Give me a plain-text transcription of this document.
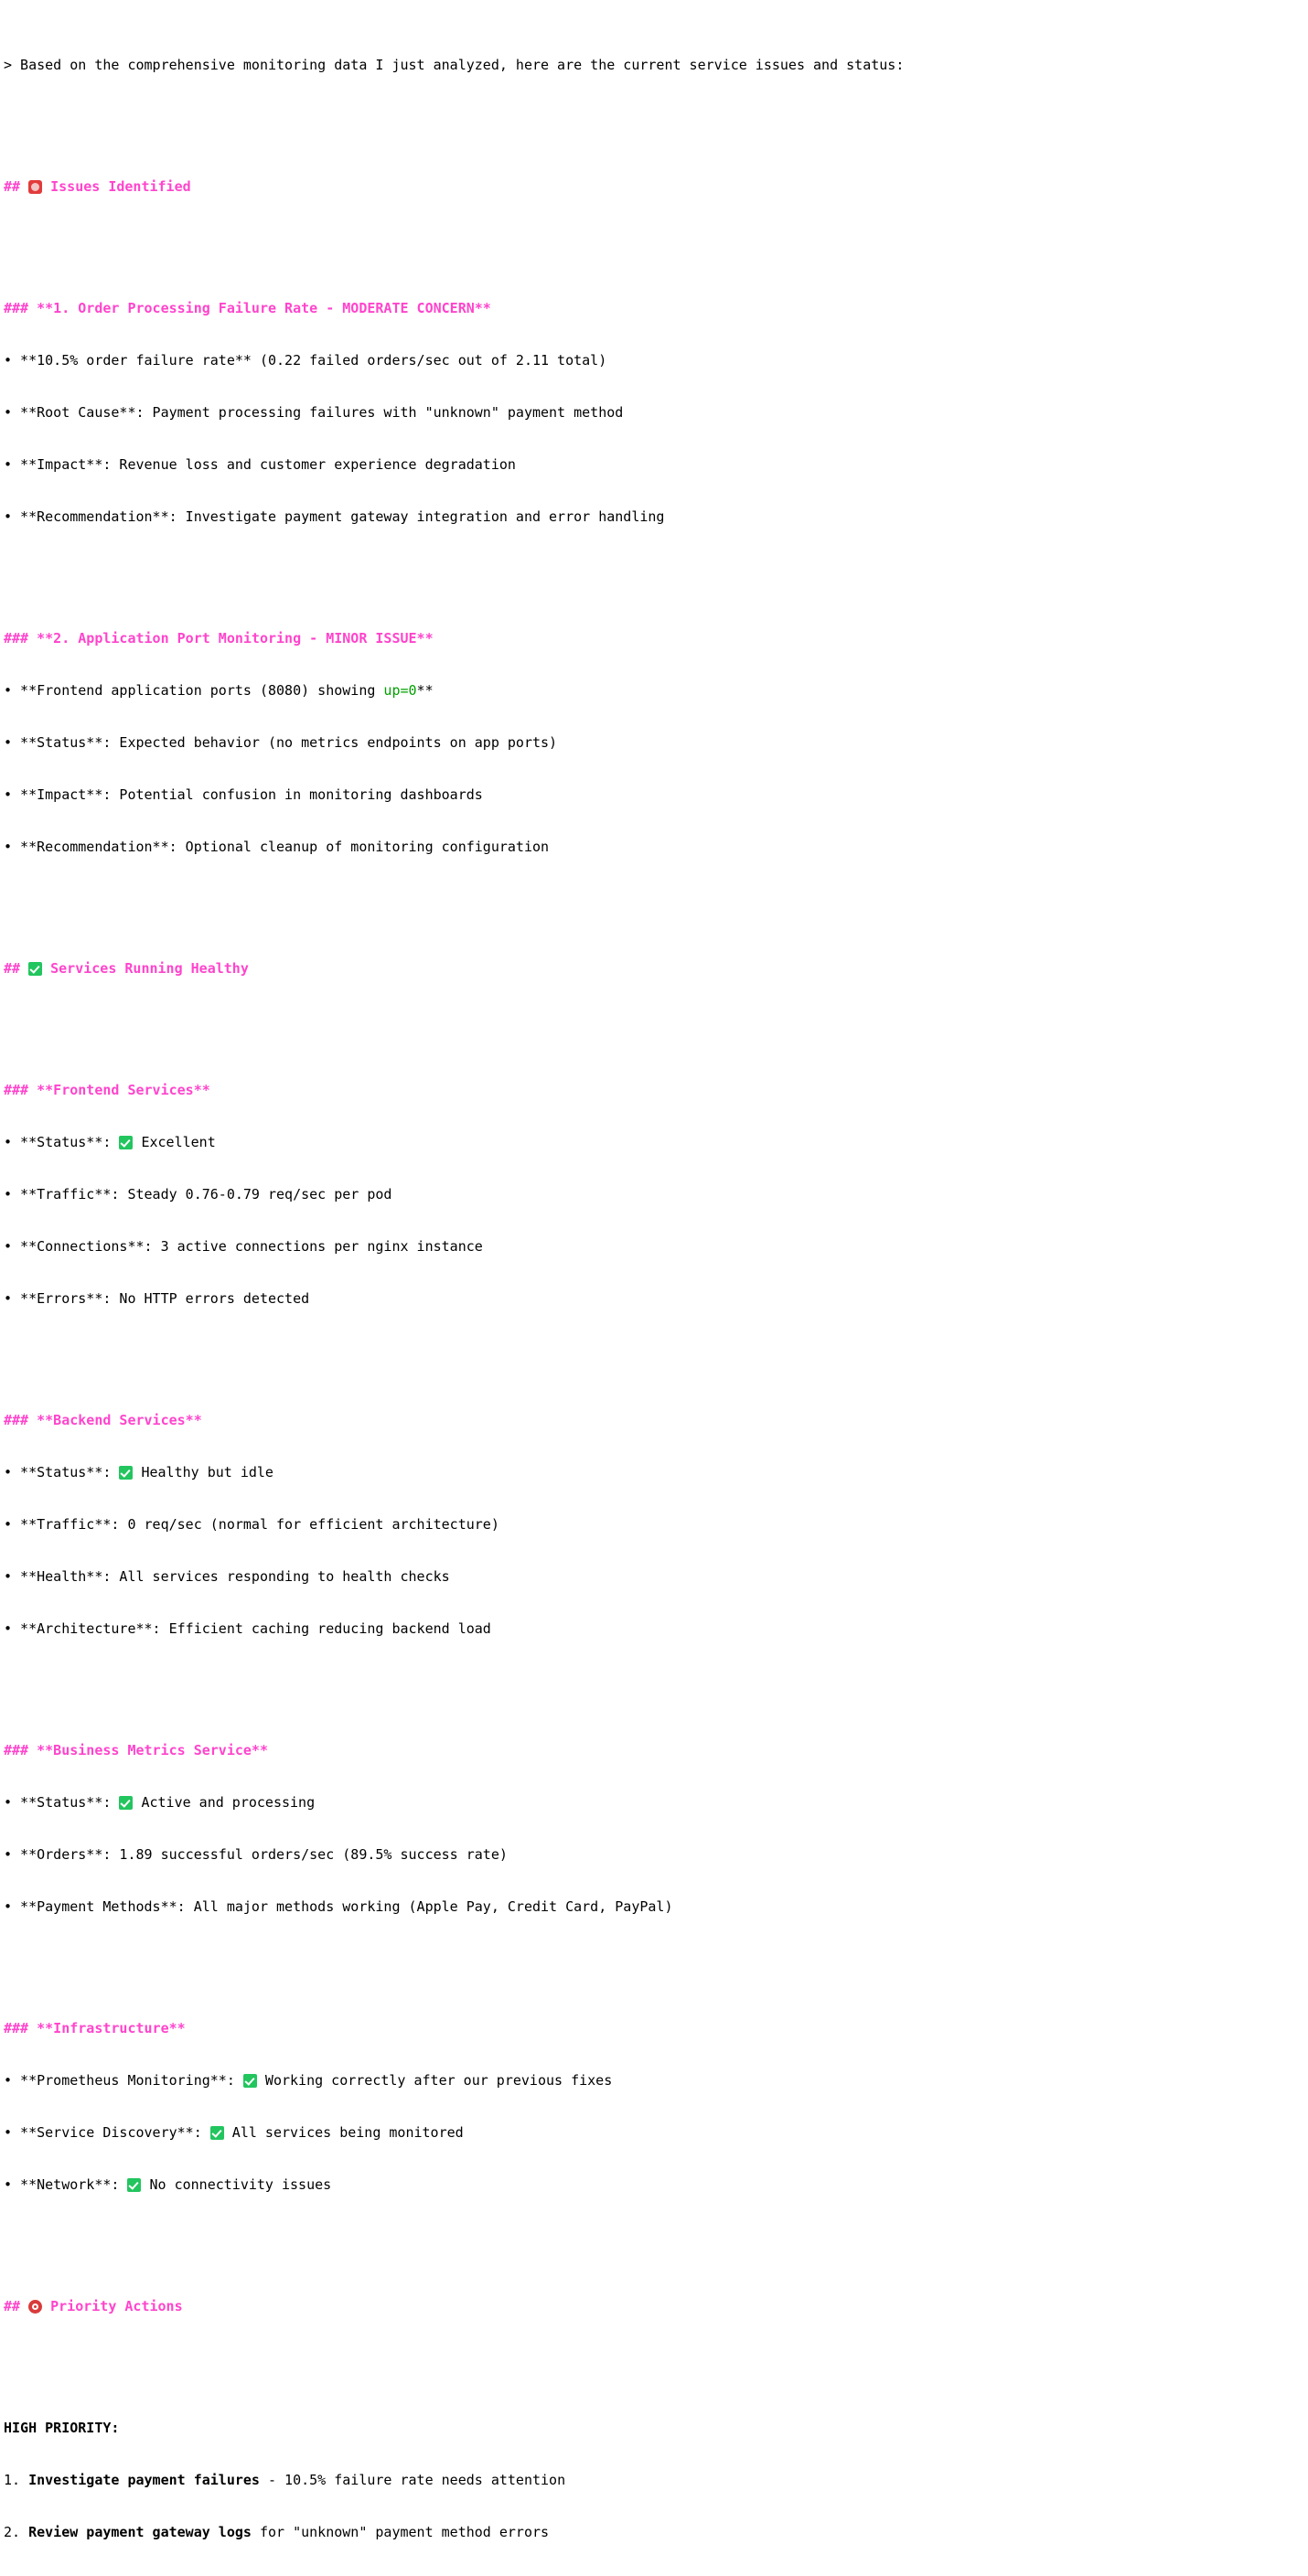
> Based on the comprehensive monitoring data I just analyzed, here are the current service issues and status:

##  Issues Identified

### **1. Order Processing Failure Rate - MODERATE CONCERN**

• **10.5% order failure rate** (0.22 failed orders/sec out of 2.11 total)

• **Root Cause**: Payment processing failures with "unknown" payment method

• **Impact**: Revenue loss and customer experience degradation

• **Recommendation**: Investigate payment gateway integration and error handling

### **2. Application Port Monitoring - MINOR ISSUE**

• **Frontend application ports (8080) showing up=0**

• **Status**: Expected behavior (no metrics endpoints on app ports)

• **Impact**: Potential confusion in monitoring dashboards

• **Recommendation**: Optional cleanup of monitoring configuration

##  Services Running Healthy

### **Frontend Services**

• **Status**:  Excellent

• **Traffic**: Steady 0.76-0.79 req/sec per pod

• **Connections**: 3 active connections per nginx instance

• **Errors**: No HTTP errors detected

### **Backend Services**

• **Status**:  Healthy but idle

• **Traffic**: 0 req/sec (normal for efficient architecture)

• **Health**: All services responding to health checks

• **Architecture**: Efficient caching reducing backend load

### **Business Metrics Service**

• **Status**:  Active and processing

• **Orders**: 1.89 successful orders/sec (89.5% success rate)

• **Payment Methods**: All major methods working (Apple Pay, Credit Card, PayPal)

### **Infrastructure**

• **Prometheus Monitoring**:  Working correctly after our previous fixes

• **Service Discovery**:  All services being monitored

• **Network**:  No connectivity issues

##  Priority Actions

HIGH PRIORITY:

1. Investigate payment failures - 10.5% failure rate needs attention

2. Review payment gateway logs for "unknown" payment method errors
